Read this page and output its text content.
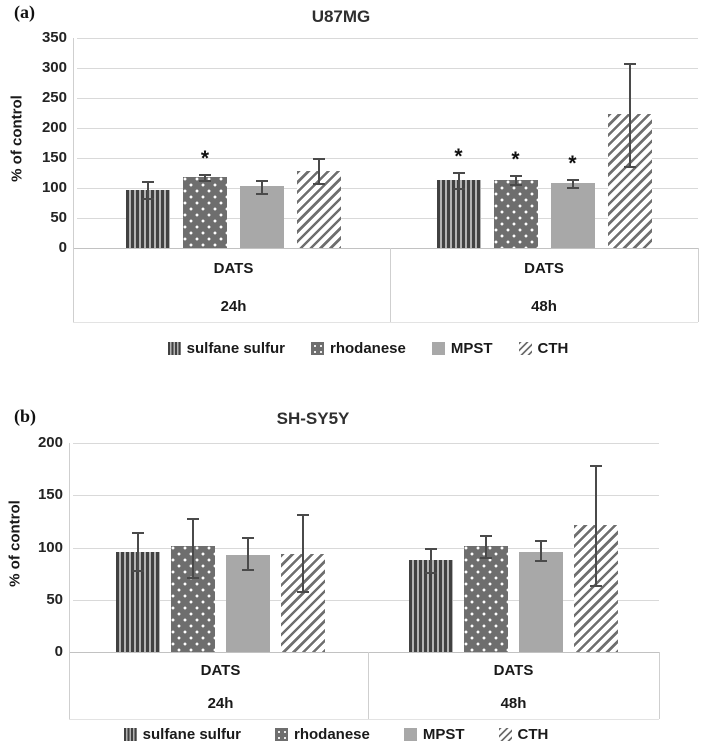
(a)	U87MG
% of control
0
50
100
150
200
250
300
350
DATS
24h
*
DATS
48h
* * *
sulfane sulfur	rhodanese	MPST	CTH
(b)	SH-SY5Y
% of control
0
50
100
150
200
DATS
24h
DATS
48h
sulfane sulfur	rhodanese	MPST	CTH
